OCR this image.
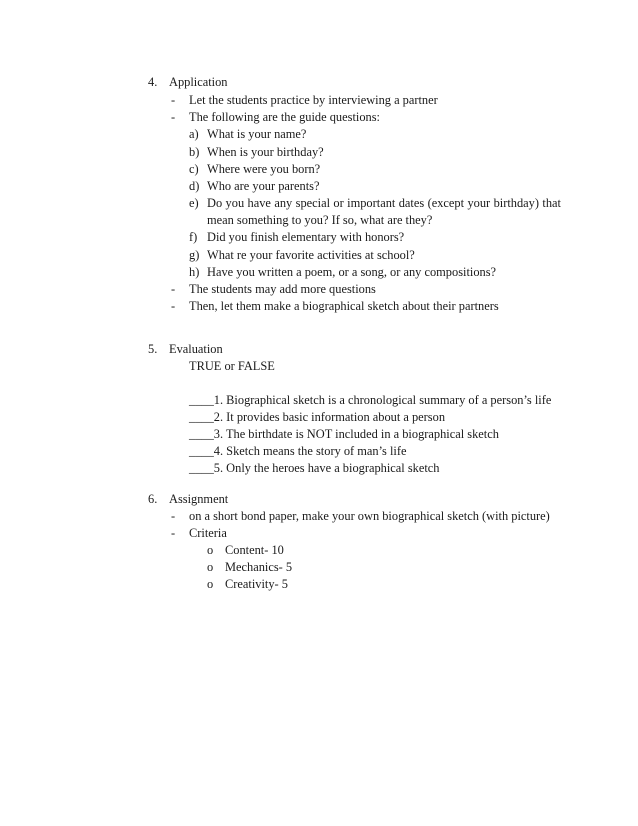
4. Application
- Let the students practice by interviewing a partner
- The following are the guide questions:
a) What is your name?
b) When is your birthday?
c) Where were you born?
d) Who are your parents?
e) Do you have any special or important dates (except your birthday) that
mean something to you? If so, what are they?
f) Did you finish elementary with honors?
g) What re your favorite activities at school?
h) Have you written a poem, or a song, or any compositions?
- The students may add more questions
- Then, let them make a biographical sketch about their partners
5. Evaluation
TRUE or FALSE
____1. Biographical sketch is a chronological summary of a person’s life
____2. It provides basic information about a person
____3. The birthdate is NOT included in a biographical sketch
____4. Sketch means the story of man’s life
____5. Only the heroes have a biographical sketch
6. Assignment
- on a short bond paper, make your own biographical sketch (with picture)
- Criteria
o Content- 10
o Mechanics- 5
o Creativity- 5
